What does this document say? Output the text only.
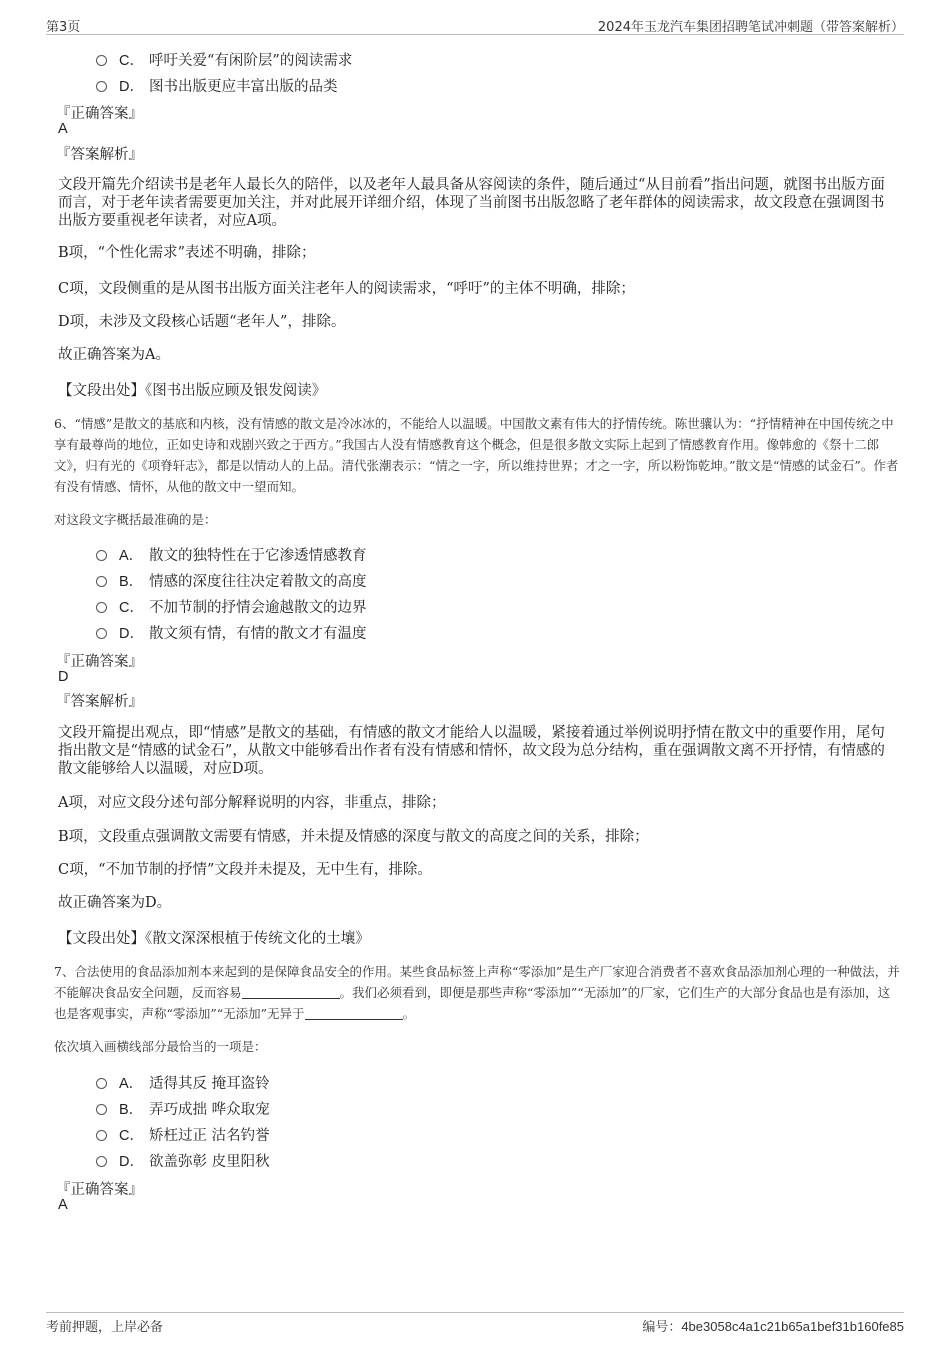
第3页	2024年玉龙汽车集团招聘笔试冲刺题（带答案解析）
C． 呼吁关爱“有闲阶层”的阅读需求
D． 图书出版更应丰富出版的品类
『正确答案』
A
『答案解析』
文段开篇先介绍读书是老年人最长久的陪伴，以及老年人最具备从容阅读的条件，随后通过“从目前看”指出问题，就图书出版方面而言，对于老年读者需要更加关注，并对此展开详细介绍，体现了当前图书出版忽略了老年群体的阅读需求，故文段意在强调图书出版方要重视老年读者，对应A项。
B项，“个性化需求”表述不明确，排除；
C项，文段侧重的是从图书出版方面关注老年人的阅读需求，“呼吁”的主体不明确，排除；
D项，未涉及文段核心话题“老年人”，排除。
故正确答案为A。
【文段出处】《图书出版应顾及银发阅读》
6、“情感”是散文的基底和内核，没有情感的散文是冷冰冰的，不能给人以温暖。中国散文素有伟大的抒情传统。陈世骧认为：“抒情精神在中国传统之中享有最尊尚的地位，正如史诗和戏剧兴致之于西方。”我国古人没有情感教育这个概念，但是很多散文实际上起到了情感教育作用。像韩愈的《祭十二郎文》，归有光的《项脊轩志》，都是以情动人的上品。清代张潮表示：“情之一字，所以维持世界；才之一字，所以粉饰乾坤。”散文是“情感的试金石”。作者有没有情感、情怀，从他的散文中一望而知。
对这段文字概括最准确的是：
A． 散文的独特性在于它渗透情感教育
B． 情感的深度往往决定着散文的高度
C． 不加节制的抒情会逾越散文的边界
D． 散文须有情，有情的散文才有温度
『正确答案』
D
『答案解析』
文段开篇提出观点，即“情感”是散文的基础，有情感的散文才能给人以温暖，紧接着通过举例说明抒情在散文中的重要作用，尾句指出散文是“情感的试金石”，从散文中能够看出作者有没有情感和情怀，故文段为总分结构，重在强调散文离不开抒情，有情感的散文能够给人以温暖，对应D项。
A项，对应文段分述句部分解释说明的内容，非重点，排除；
B项，文段重点强调散文需要有情感，并未提及情感的深度与散文的高度之间的关系，排除；
C项，“不加节制的抒情”文段并未提及，无中生有，排除。
故正确答案为D。
【文段出处】《散文深深根植于传统文化的土壤》
7、合法使用的食品添加剂本来起到的是保障食品安全的作用。某些食品标签上声称“零添加”是生产厂家迎合消费者不喜欢食品添加剂心理的一种做法，并不能解决食品安全问题，反而容易	。我们必须看到，即便是那些声称“零添加”“无添加”的厂家，它们生产的大部分食品也是有添加，这也是客观事实，声称“零添加”“无添加”无异于	。
依次填入画横线部分最恰当的一项是：
A． 适得其反 掩耳盗铃
B． 弄巧成拙 哗众取宠
C． 矫枉过正 沽名钓誉
D． 欲盖弥彰 皮里阳秋
『正确答案』
A
考前押题，上岸必备	编号：4be3058c4a1c21b65a1bef31b160fe85
